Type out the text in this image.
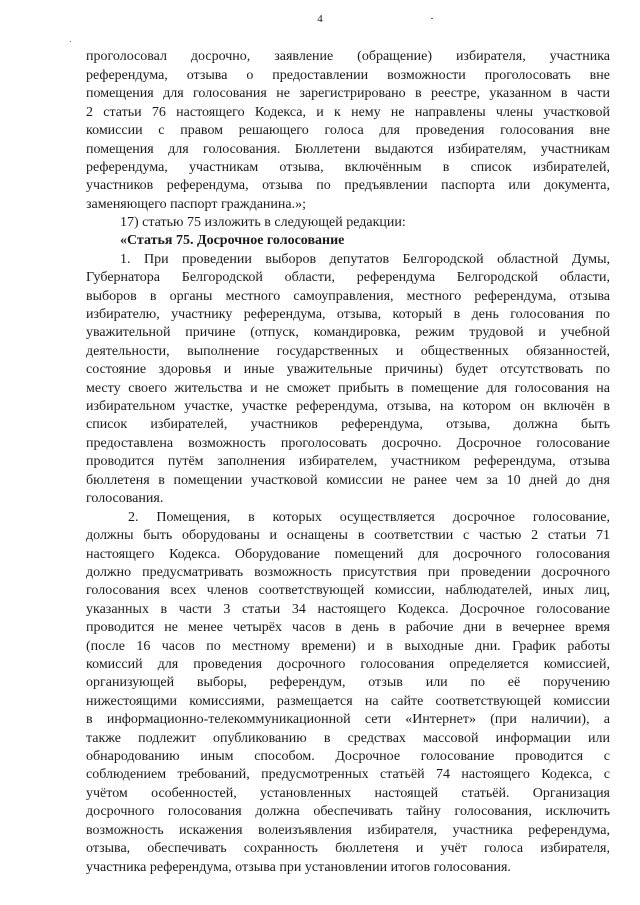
4
проголосовал досрочно, заявление (обращение) избирателя, участника
референдума, отзыва о предоставлении возможности проголосовать вне
помещения для голосования не зарегистрировано в реестре, указанном в части
2 статьи 76 настоящего Кодекса, и к нему не направлены члены участковой
комиссии с правом решающего голоса для проведения голосования вне
помещения для голосования. Бюллетени выдаются избирателям, участникам
референдума, участникам отзыва, включённым в список избирателей,
участников референдума, отзыва по предъявлении паспорта или документа,
заменяющего паспорт гражданина.»;
17) статью 75 изложить в следующей редакции:
«Статья 75. Досрочное голосование
1. При проведении выборов депутатов Белгородской областной Думы,
Губернатора Белгородской области, референдума Белгородской области,
выборов в органы местного самоуправления, местного референдума, отзыва
избирателю, участнику референдума, отзыва, который в день голосования по
уважительной причине (отпуск, командировка, режим трудовой и учебной
деятельности, выполнение государственных и общественных обязанностей,
состояние здоровья и иные уважительные причины) будет отсутствовать по
месту своего жительства и не сможет прибыть в помещение для голосования на
избирательном участке, участке референдума, отзыва, на котором он включён в
список избирателей, участников референдума, отзыва, должна быть
предоставлена возможность проголосовать досрочно. Досрочное голосование
проводится путём заполнения избирателем, участником референдума, отзыва
бюллетеня в помещении участковой комиссии не ранее чем за 10 дней до дня
голосования.
2. Помещения, в которых осуществляется досрочное голосование,
должны быть оборудованы и оснащены в соответствии с частью 2 статьи 71
настоящего Кодекса. Оборудование помещений для досрочного голосования
должно предусматривать возможность присутствия при проведении досрочного
голосования всех членов соответствующей комиссии, наблюдателей, иных лиц,
указанных в части 3 статьи 34 настоящего Кодекса. Досрочное голосование
проводится не менее четырёх часов в день в рабочие дни в вечернее время
(после 16 часов по местному времени) и в выходные дни. График работы
комиссий для проведения досрочного голосования определяется комиссией,
организующей выборы, референдум, отзыв или по её поручению
нижестоящими комиссиями, размещается на сайте соответствующей комиссии
в информационно-телекоммуникационной сети «Интернет» (при наличии), а
также подлежит опубликованию в средствах массовой информации или
обнародованию иным способом. Досрочное голосование проводится с
соблюдением требований, предусмотренных статьёй 74 настоящего Кодекса, с
учётом особенностей, установленных настоящей статьёй. Организация
досрочного голосования должна обеспечивать тайну голосования, исключить
возможность искажения волеизъявления избирателя, участника референдума,
отзыва, обеспечивать сохранность бюллетеня и учёт голоса избирателя,
участника референдума, отзыва при установлении итогов голосования.
